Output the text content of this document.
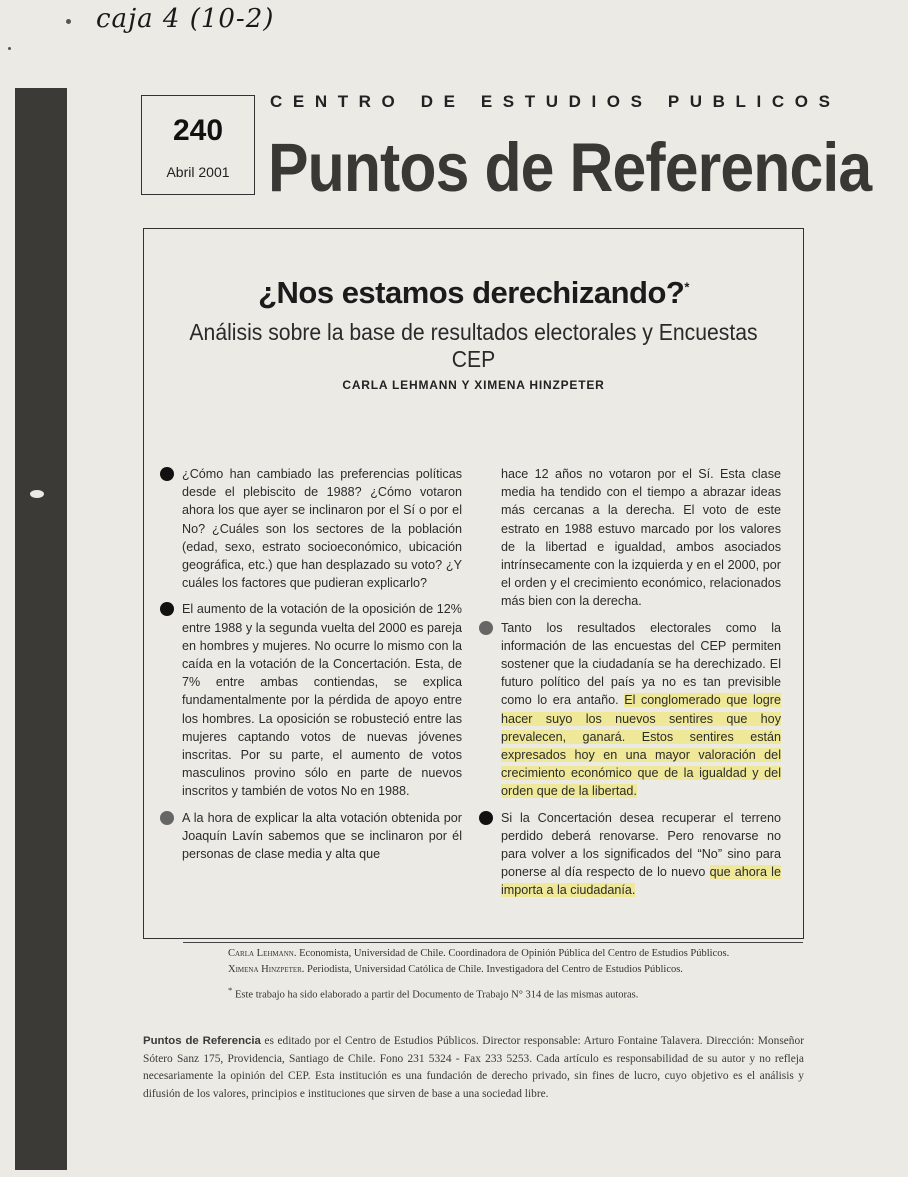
caja 4 (10-2)
240
Abril 2001
CENTRO DE ESTUDIOS PUBLICOS
Puntos de Referencia
¿Nos estamos derechizando?*
Análisis sobre la base de resultados electorales y Encuestas CEP
CARLA LEHMANN Y XIMENA HINZPETER

¿Cómo han cambiado las preferencias políticas desde el plebiscito de 1988? ¿Cómo votaron ahora los que ayer se inclinaron por el Sí o por el No? ¿Cuáles son los sectores de la población (edad, sexo, estrato socioeconómico, ubicación geográfica, etc.) que han desplazado su voto? ¿Y cuáles los factores que pudieran explicarlo?

El aumento de la votación de la oposición de 12% entre 1988 y la segunda vuelta del 2000 es pareja en hombres y mujeres. No ocurre lo mismo con la caída en la votación de la Concertación. Esta, de 7% entre ambas contiendas, se explica fundamentalmente por la pérdida de apoyo entre los hombres. La oposición se robusteció entre las mujeres captando votos de nuevas jóvenes inscritas. Por su parte, el aumento de votos masculinos provino sólo en parte de nuevos inscritos y también de votos No en 1988.

A la hora de explicar la alta votación obtenida por Joaquín Lavín sabemos que se inclinaron por él personas de clase media y alta que

hace 12 años no votaron por el Sí. Esta clase media ha tendido con el tiempo a abrazar ideas más cercanas a la derecha. El voto de este estrato en 1988 estuvo marcado por los valores de la libertad e igualdad, ambos asociados intrínsecamente con la izquierda y en el 2000, por el orden y el crecimiento económico, relacionados más bien con la derecha.

Tanto los resultados electorales como la información de las encuestas del CEP permiten sostener que la ciudadanía se ha derechizado. El futuro político del país ya no es tan previsible como lo era antaño. El conglomerado que logre hacer suyo los nuevos sentires que hoy prevalecen, ganará. Estos sentires están expresados hoy en una mayor valoración del crecimiento económico que de la igualdad y del orden que de la libertad.

Si la Concertación desea recuperar el terreno perdido deberá renovarse. Pero renovarse no para volver a los significados del “No” sino para ponerse al día respecto de lo nuevo que ahora le importa a la ciudadanía.

Carla Lehmann. Economista, Universidad de Chile. Coordinadora de Opinión Pública del Centro de Estudios Públicos.
Ximena Hinzpeter. Periodista, Universidad Católica de Chile. Investigadora del Centro de Estudios Públicos.
* Este trabajo ha sido elaborado a partir del Documento de Trabajo N° 314 de las mismas autoras.
Puntos de Referencia es editado por el Centro de Estudios Públicos. Director responsable: Arturo Fontaine Talavera. Dirección: Monseñor Sótero Sanz 175, Providencia, Santiago de Chile. Fono 231 5324 - Fax 233 5253. Cada artículo es responsabilidad de su autor y no refleja necesariamente la opinión del CEP. Esta institución es una fundación de derecho privado, sin fines de lucro, cuyo objetivo es el análisis y difusión de los valores, principios e instituciones que sirven de base a una sociedad libre.
